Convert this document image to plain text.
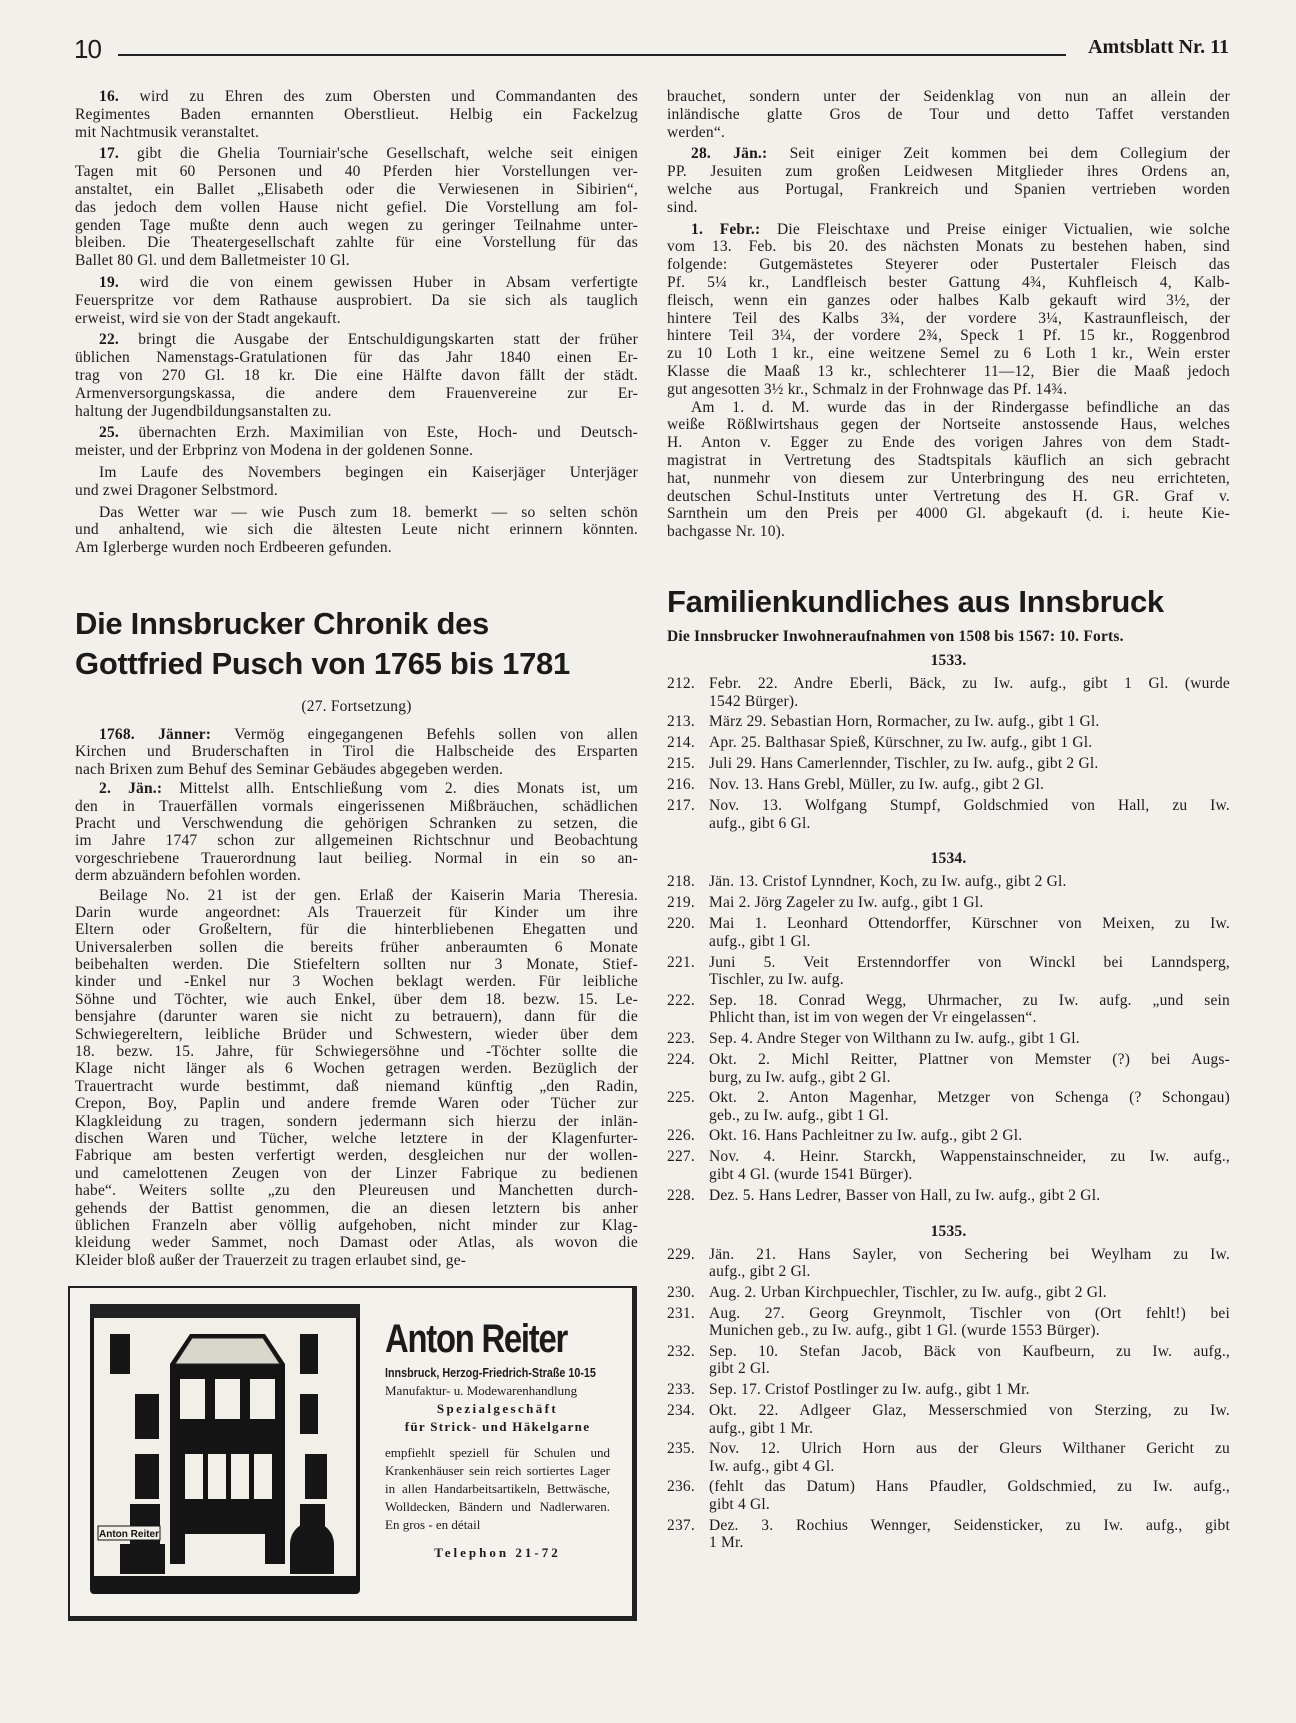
10	Amtsblatt Nr. 11
16. wird zu Ehren des zum Obersten und Commandanten des
Regimentes Baden ernannten Oberstlieut. Helbig ein Fackelzug
mit Nachtmusik veranstaltet.
17. gibt die Ghelia Tourniair'sche Gesellschaft, welche seit einigen
Tagen mit 60 Personen und 40 Pferden hier Vorstellungen ver-
anstaltet, ein Ballet „Elisabeth oder die Verwiesenen in Sibirien“,
das jedoch dem vollen Hause nicht gefiel. Die Vorstellung am fol-
genden Tage mußte denn auch wegen zu geringer Teilnahme unter-
bleiben. Die Theatergesellschaft zahlte für eine Vorstellung für das
Ballet 80 Gl. und dem Balletmeister 10 Gl.
19. wird die von einem gewissen Huber in Absam verfertigte
Feuerspritze vor dem Rathause ausprobiert. Da sie sich als tauglich
erweist, wird sie von der Stadt angekauft.
22. bringt die Ausgabe der Entschuldigungskarten statt der früher
üblichen Namenstags-Gratulationen für das Jahr 1840 einen Er-
trag von 270 Gl. 18 kr. Die eine Hälfte davon fällt der städt.
Armenversorgungskassa, die andere dem Frauenvereine zur Er-
haltung der Jugendbildungsanstalten zu.
25. übernachten Erzh. Maximilian von Este, Hoch- und Deutsch-
meister, und der Erbprinz von Modena in der goldenen Sonne.
Im Laufe des Novembers begingen ein Kaiserjäger Unterjäger
und zwei Dragoner Selbstmord.
Das Wetter war — wie Pusch zum 18. bemerkt — so selten schön
und anhaltend, wie sich die ältesten Leute nicht erinnern könnten.
Am Iglerberge wurden noch Erdbeeren gefunden.
Die Innsbrucker Chronik des
Gottfried Pusch von 1765 bis 1781
(27. Fortsetzung)
1768. Jänner: Vermög eingegangenen Befehls sollen von allen
Kirchen und Bruderschaften in Tirol die Halbscheide des Ersparten
nach Brixen zum Behuf des Seminar Gebäudes abgegeben werden.
2. Jän.: Mittelst allh. Entschließung vom 2. dies Monats ist, um
den in Trauerfällen vormals eingerissenen Mißbräuchen, schädlichen
Pracht und Verschwendung die gehörigen Schranken zu setzen, die
im Jahre 1747 schon zur allgemeinen Richtschnur und Beobachtung
vorgeschriebene Trauerordnung laut beilieg. Normal in ein so an-
derm abzuändern befohlen worden.
Beilage No. 21 ist der gen. Erlaß der Kaiserin Maria Theresia.
Darin wurde angeordnet: Als Trauerzeit für Kinder um ihre
Eltern oder Großeltern, für die hinterbliebenen Ehegatten und
Universalerben sollen die bereits früher anberaumten 6 Monate
beibehalten werden. Die Stiefeltern sollten nur 3 Monate, Stief-
kinder und -Enkel nur 3 Wochen beklagt werden. Für leibliche
Söhne und Töchter, wie auch Enkel, über dem 18. bezw. 15. Le-
bensjahre (darunter waren sie nicht zu betrauern), dann für die
Schwiegereltern, leibliche Brüder und Schwestern, wieder über dem
18. bezw. 15. Jahre, für Schwiegersöhne und -Töchter sollte die
Klage nicht länger als 6 Wochen getragen werden. Bezüglich der
Trauertracht wurde bestimmt, daß niemand künftig „den Radin,
Crepon, Boy, Paplin und andere fremde Waren oder Tücher zur
Klagkleidung zu tragen, sondern jedermann sich hierzu der inlän-
dischen Waren und Tücher, welche letztere in der Klagenfurter-
Fabrique am besten verfertigt werden, desgleichen nur der wollen-
und camelottenen Zeugen von der Linzer Fabrique zu bedienen
habe“. Weiters sollte „zu den Pleureusen und Manchetten durch-
gehends der Battist genommen, die an diesen letztern bis anher
üblichen Franzeln aber völlig aufgehoben, nicht minder zur Klag-
kleidung weder Sammet, noch Damast oder Atlas, als wovon die
Kleider bloß außer der Trauerzeit zu tragen erlaubet sind, ge-
brauchet, sondern unter der Seidenklag von nun an allein der
inländische glatte Gros de Tour und detto Taffet verstanden
werden“.
28. Jän.: Seit einiger Zeit kommen bei dem Collegium der
PP. Jesuiten zum großen Leidwesen Mitglieder ihres Ordens an,
welche aus Portugal, Frankreich und Spanien vertrieben worden
sind.
1. Febr.: Die Fleischtaxe und Preise einiger Victualien, wie solche
vom 13. Feb. bis 20. des nächsten Monats zu bestehen haben, sind
folgende: Gutgemästetes Steyerer oder Pustertaler Fleisch das
Pf. 5¼ kr., Landfleisch bester Gattung 4¾, Kuhfleisch 4, Kalb-
fleisch, wenn ein ganzes oder halbes Kalb gekauft wird 3½, der
hintere Teil des Kalbs 3¾, der vordere 3¼, Kastraunfleisch, der
hintere Teil 3¼, der vordere 2¾, Speck 1 Pf. 15 kr., Roggenbrod
zu 10 Loth 1 kr., eine weitzene Semel zu 6 Loth 1 kr., Wein erster
Klasse die Maaß 13 kr., schlechterer 11—12, Bier die Maaß jedoch
gut angesotten 3½ kr., Schmalz in der Frohnwage das Pf. 14¾.
Am 1. d. M. wurde das in der Rindergasse befindliche an das
weiße Rößlwirtshaus gegen der Nortseite anstossende Haus, welches
H. Anton v. Egger zu Ende des vorigen Jahres von dem Stadt-
magistrat in Vertretung des Stadtspitals käuflich an sich gebracht
hat, nunmehr von diesem zur Unterbringung des neu errichteten,
deutschen Schul-Instituts unter Vertretung des H. GR. Graf v.
Sarnthein um den Preis per 4000 Gl. abgekauft (d. i. heute Kie-
bachgasse Nr. 10).
Familienkundliches aus Innsbruck
Die Innsbrucker Inwohneraufnahmen von 1508 bis 1567: 10. Forts.
1533.
212. Febr. 22. Andre Eberli, Bäck, zu Iw. aufg., gibt 1 Gl. (wurde
1542 Bürger).
213. März 29. Sebastian Horn, Rormacher, zu Iw. aufg., gibt 1 Gl.
214. Apr. 25. Balthasar Spieß, Kürschner, zu Iw. aufg., gibt 1 Gl.
215. Juli 29. Hans Camerlennder, Tischler, zu Iw. aufg., gibt 2 Gl.
216. Nov. 13. Hans Grebl, Müller, zu Iw. aufg., gibt 2 Gl.
217. Nov. 13. Wolfgang Stumpf, Goldschmied von Hall, zu Iw.
aufg., gibt 6 Gl.
1534.
218. Jän. 13. Cristof Lynndner, Koch, zu Iw. aufg., gibt 2 Gl.
219. Mai 2. Jörg Zageler zu Iw. aufg., gibt 1 Gl.
220. Mai 1. Leonhard Ottendorffer, Kürschner von Meixen, zu Iw.
aufg., gibt 1 Gl.
221. Juni 5. Veit Erstenndorffer von Winckl bei Lanndsperg,
Tischler, zu Iw. aufg.
222. Sep. 18. Conrad Wegg, Uhrmacher, zu Iw. aufg. „und sein
Phlicht than, ist im von wegen der Vr eingelassen“.
223. Sep. 4. Andre Steger von Wilthann zu Iw. aufg., gibt 1 Gl.
224. Okt. 2. Michl Reitter, Plattner von Memster (?) bei Augs-
burg, zu Iw. aufg., gibt 2 Gl.
225. Okt. 2. Anton Magenhar, Metzger von Schenga (? Schongau)
geb., zu Iw. aufg., gibt 1 Gl.
226. Okt. 16. Hans Pachleitner zu Iw. aufg., gibt 2 Gl.
227. Nov. 4. Heinr. Starckh, Wappenstainschneider, zu Iw. aufg.,
gibt 4 Gl. (wurde 1541 Bürger).
228. Dez. 5. Hans Ledrer, Basser von Hall, zu Iw. aufg., gibt 2 Gl.
1535.
229. Jän. 21. Hans Sayler, von Sechering bei Weylham zu Iw.
aufg., gibt 2 Gl.
230. Aug. 2. Urban Kirchpuechler, Tischler, zu Iw. aufg., gibt 2 Gl.
231. Aug. 27. Georg Greynmolt, Tischler von (Ort fehlt!) bei
Munichen geb., zu Iw. aufg., gibt 1 Gl. (wurde 1553 Bürger).
232. Sep. 10. Stefan Jacob, Bäck von Kaufbeurn, zu Iw. aufg.,
gibt 2 Gl.
233. Sep. 17. Cristof Postlinger zu Iw. aufg., gibt 1 Mr.
234. Okt. 22. Adlgeer Glaz, Messerschmied von Sterzing, zu Iw.
aufg., gibt 1 Mr.
235. Nov. 12. Ulrich Horn aus der Gleurs Wilthaner Gericht zu
Iw. aufg., gibt 4 Gl.
236. (fehlt das Datum) Hans Pfaudler, Goldschmied, zu Iw. aufg.,
gibt 4 Gl.
237. Dez. 3. Rochius Wennger, Seidensticker, zu Iw. aufg., gibt
1 Mr.
Anton Reiter
Anton Reiter
Innsbruck, Herzog-Friedrich-Straße 10-15
Manufaktur- u. Modewarenhandlung
Spezialgeschäft
für Strick- und Häkelgarne
empfiehlt speziell für Schulen und Krankenhäuser sein reich sortiertes Lager in allen Handarbeitsartikeln, Bettwäsche, Wolldecken, Bändern und Nadlerwaren. En gros - en détail
Telephon 21-72
